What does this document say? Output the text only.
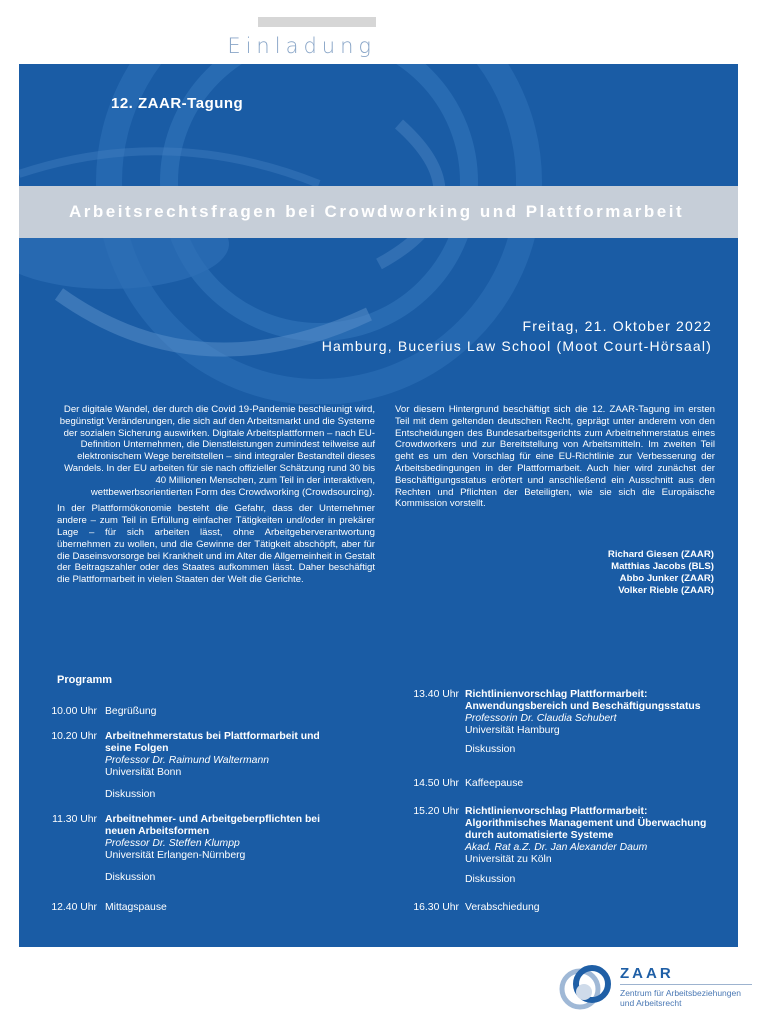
Einladung
Arbeitsrechtsfragen bei Crowdworking und Plattformarbeit
12. ZAAR-Tagung
Freitag, 21. Oktober 2022
Hamburg, Bucerius Law School (Moot Court-Hörsaal)

Der digitale Wandel, der durch die Covid 19-Pandemie beschleunigt wird, begünstigt Veränderungen, die sich auf den Arbeitsmarkt und die Systeme der sozialen Sicherung auswirken. Digitale Arbeitsplattformen – nach EU-Definition Unternehmen, die Dienstleistungen zumindest teilweise auf elektronischem Wege bereitstellen – sind integraler Bestandteil dieses Wandels. In der EU arbeiten für sie nach offizieller Schätzung rund 30 bis 40 Millionen Menschen, zum Teil in der interaktiven, wettbewerbsorientierten Form des Crowdworking (Crowdsourcing).

In der Plattformökonomie besteht die Gefahr, dass der Unternehmer andere – zum Teil in Erfüllung einfacher Tätigkeiten und/oder in prekärer Lage – für sich arbeiten lässt, ohne Arbeitgeberverantwortung übernehmen zu wollen, und die Gewinne der Tätigkeit abschöpft, aber für die Daseinsvorsorge bei Krankheit und im Alter die Allgemeinheit in Gestalt der Beitragszahler oder des Staates aufkommen lässt. Daher beschäftigt die Plattformarbeit in vielen Staaten der Welt die Gerichte.

Vor diesem Hintergrund beschäftigt sich die 12. ZAAR-Tagung im ersten Teil mit dem geltenden deutschen Recht, geprägt unter anderem von den Entscheidungen des Bundesarbeitsgerichts zum Arbeitnehmerstatus eines Crowdworkers und zur Bereitstellung von Arbeitsmitteln. Im zweiten Teil geht es um den Vorschlag für eine EU-Richtlinie zur Verbesserung der Arbeitsbedingungen in der Plattformarbeit. Auch hier wird zunächst der Beschäftigungsstatus erörtert und anschließend ein Ausschnitt aus den Rechten und Pflichten der Beteiligten, wie sie sich die Europäische Kommission vorstellt.

Richard Giesen (ZAAR)
Matthias Jacobs (BLS)
Abbo Junker (ZAAR)
Volker Rieble (ZAAR)
Programm
10.00 Uhr Begrüßung
10.20 Uhr Arbeitnehmerstatus bei Plattformarbeit und seine Folgen
Professor Dr. Raimund Waltermann
Universität Bonn
Diskussion
11.30 Uhr Arbeitnehmer- und Arbeitgeberpflichten bei neuen Arbeitsformen
Professor Dr. Steffen Klumpp
Universität Erlangen-Nürnberg
Diskussion
12.40 Uhr Mittagspause
13.40 Uhr Richtlinienvorschlag Plattformarbeit: Anwendungsbereich und Beschäftigungsstatus
Professorin Dr. Claudia Schubert
Universität Hamburg
Diskussion
14.50 Uhr Kaffeepause
15.20 Uhr Richtlinienvorschlag Plattformarbeit: Algorithmisches Management und Überwachung durch automatisierte Systeme
Akad. Rat a.Z. Dr. Jan Alexander Daum
Universität zu Köln
Diskussion
16.30 Uhr Verabschiedung
ZAAR
Zentrum für Arbeitsbeziehungen
und Arbeitsrecht
